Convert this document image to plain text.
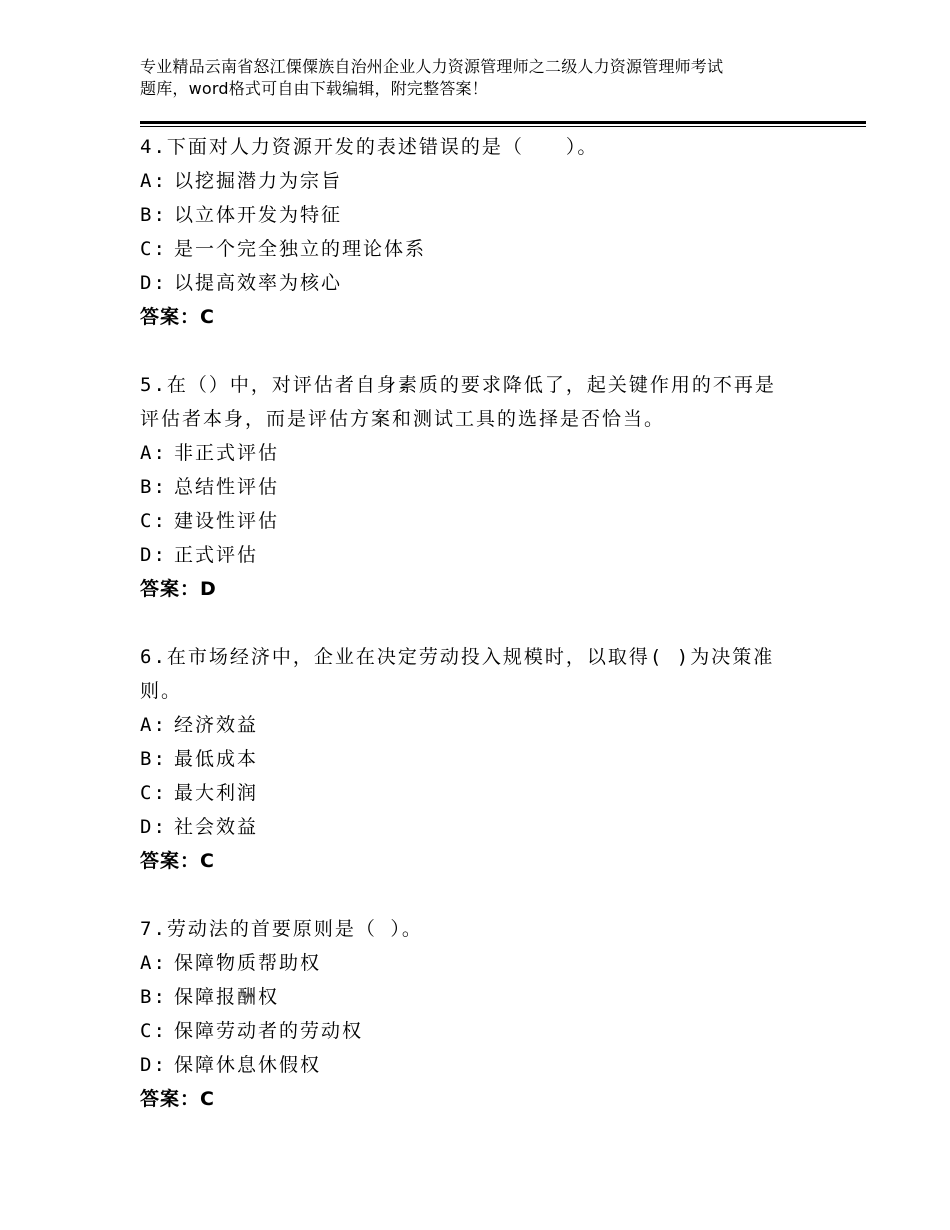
专业精品云南省怒江傈僳族自治州企业人力资源管理师之二级人力资源管理师考试
题库，word格式可自由下载编辑，附完整答案！
4.下面对人力资源开发的表述错误的是（　　）。
A: 以挖掘潜力为宗旨
B: 以立体开发为特征
C: 是一个完全独立的理论体系
D: 以提高效率为核心
答案：C
5.在（）中，对评估者自身素质的要求降低了，起关键作用的不再是
评估者本身，而是评估方案和测试工具的选择是否恰当。
A: 非正式评估
B: 总结性评估
C: 建设性评估
D: 正式评估
答案：D
6.在市场经济中，企业在决定劳动投入规模时，以取得( )为决策准
则。
A: 经济效益
B: 最低成本
C: 最大利润
D: 社会效益
答案：C
7.劳动法的首要原则是（ ）。
A: 保障物质帮助权
B: 保障报酬权
C: 保障劳动者的劳动权
D: 保障休息休假权
答案：C
